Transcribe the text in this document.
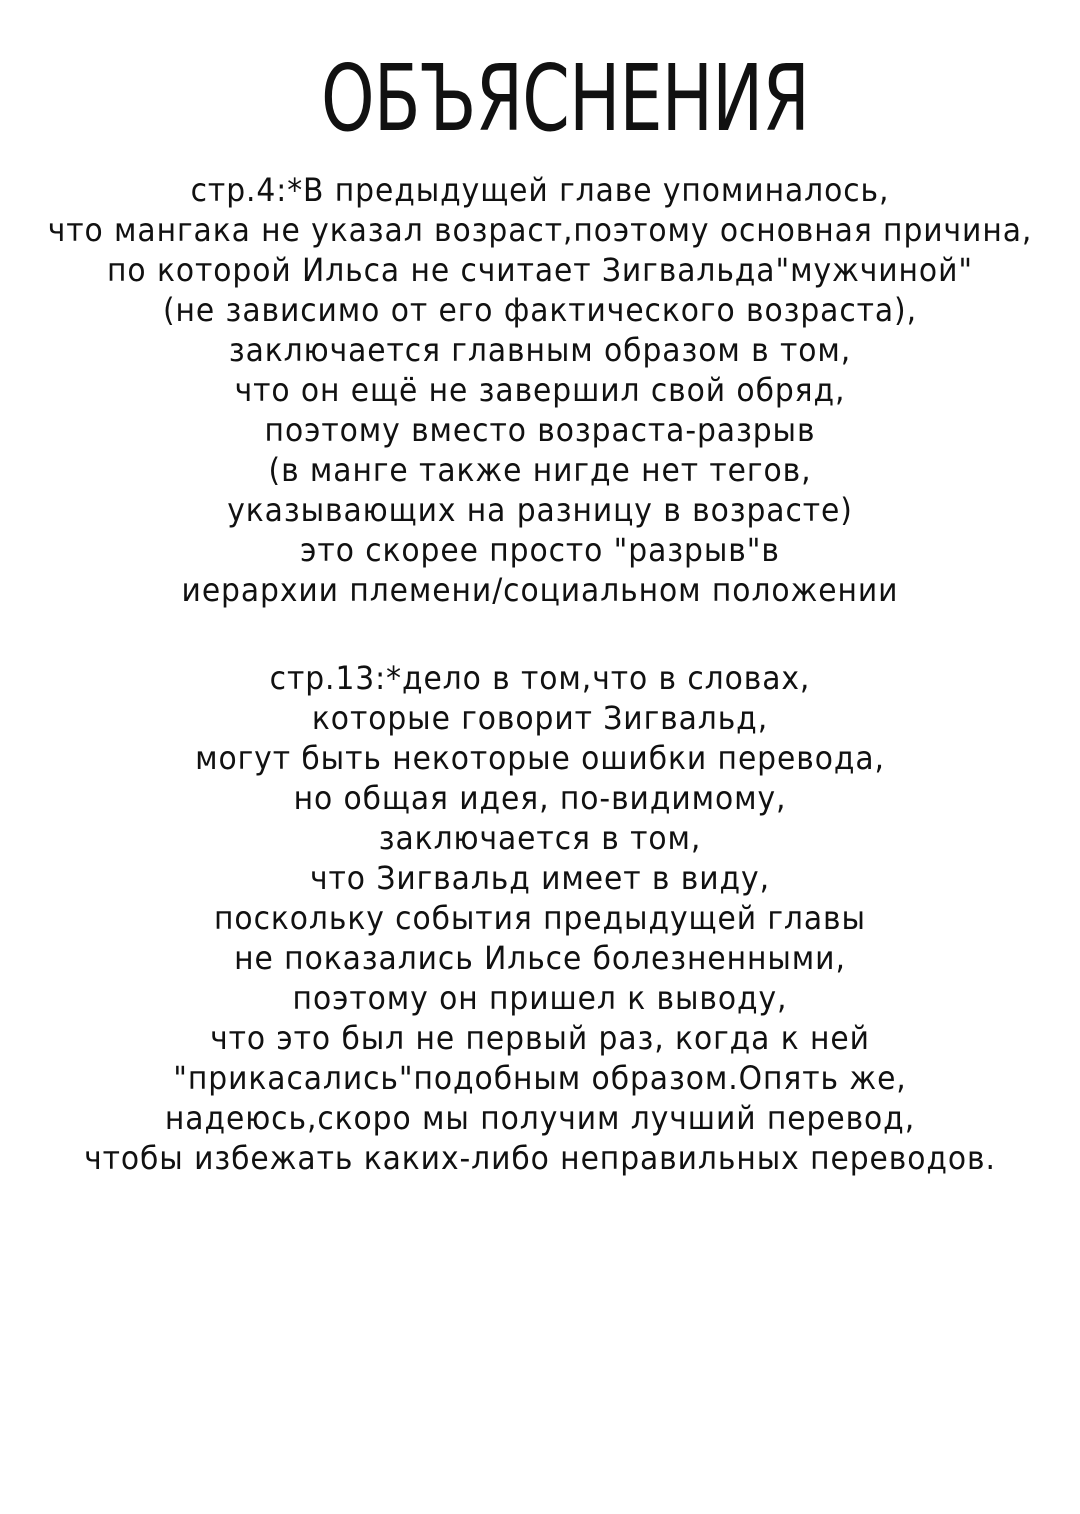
ОБЪЯСНЕНИЯ
стр.4:*В предыдущей главе упоминалось,
что мангака не указал возраст,поэтому основная причина,
по которой Ильса не считает Зигвальда"мужчиной"
(не зависимо от его фактического возраста),
заключается главным образом в том,
что он ещё не завершил свой обряд,
поэтому вместо возраста-разрыв
(в манге также нигде нет тегов,
указывающих на разницу в возрасте)
это скорее просто "разрыв"в
иерархии племени/социальном положении
стр.13:*дело в том,что в словах,
которые говорит Зигвальд,
могут быть некоторые ошибки перевода,
но общая идея, по-видимому,
заключается в том,
что Зигвальд имеет в виду,
поскольку события предыдущей главы
не показались Ильсе болезненными,
поэтому он пришел к выводу,
что это был не первый раз, когда к ней
"прикасались"подобным образом.Опять же,
надеюсь,скоро мы получим лучший перевод,
чтобы избежать каких-либо неправильных переводов.
